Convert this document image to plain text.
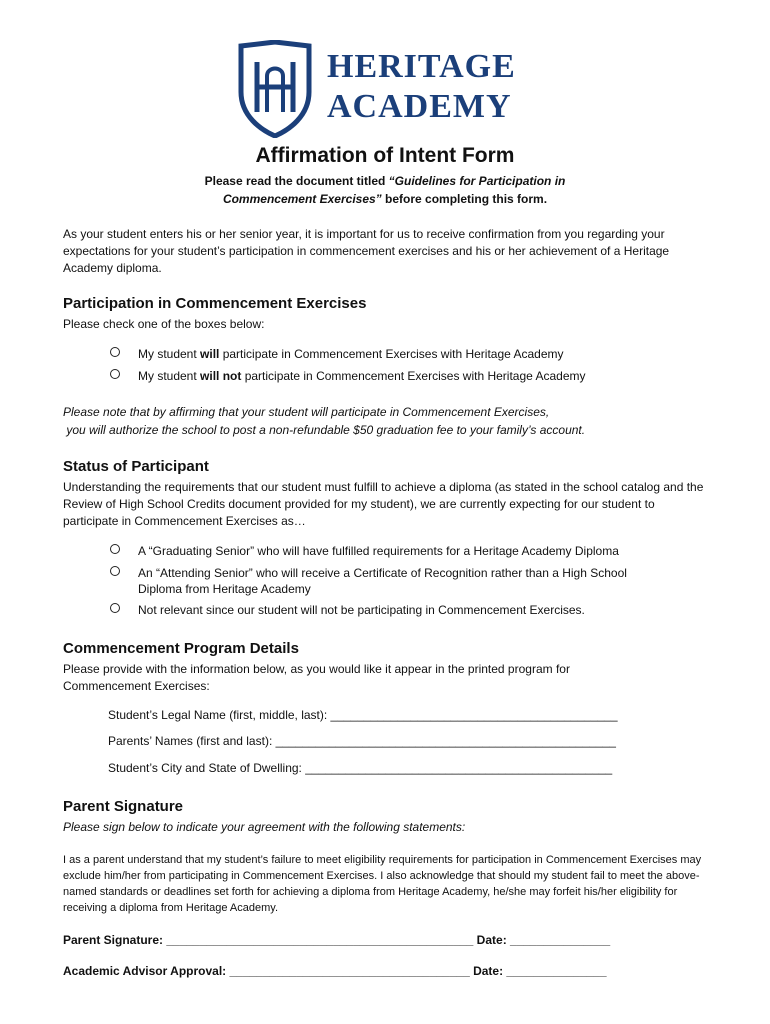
HERITAGE
ACADEMY
Affirmation of Intent Form
Please read the document titled “Guidelines for Participation in
Commencement Exercises” before completing this form.
As your student enters his or her senior year, it is important for us to receive confirmation from you regarding your expectations for your student’s participation in commencement exercises and his or her achievement of a Heritage Academy diploma.
Participation in Commencement Exercises
Please check one of the boxes below:
My student will participate in Commencement Exercises with Heritage Academy
My student will not participate in Commencement Exercises with Heritage Academy
Please note that by affirming that your student will participate in Commencement Exercises,
you will authorize the school to post a non-refundable $50 graduation fee to your family’s account.
Status of Participant
Understanding the requirements that our student must fulfill to achieve a diploma (as stated in the school catalog and the Review of High School Credits document provided for my student), we are currently expecting for our student to participate in Commencement Exercises as…
A “Graduating Senior” who will have fulfilled requirements for a Heritage Academy Diploma
An “Attending Senior” who will receive a Certificate of Recognition rather than a High School Diploma from Heritage Academy
Not relevant since our student will not be participating in Commencement Exercises.
Commencement Program Details
Please provide with the information below, as you would like it appear in the printed program for Commencement Exercises:
Student’s Legal Name (first, middle, last): ___________________________________________
Parents’ Names (first and last): ___________________________________________________
Student’s City and State of Dwelling: ______________________________________________
Parent Signature
Please sign below to indicate your agreement with the following statements:
I as a parent understand that my student’s failure to meet eligibility requirements for participation in Commencement Exercises may exclude him/her from participating in Commencement Exercises. I also acknowledge that should my student fail to meet the above-named standards or deadlines set forth for achieving a diploma from Heritage Academy, he/she may forfeit his/her eligibility for receiving a diploma from Heritage Academy.
Parent Signature: ______________________________________________ Date: _______________
Academic Advisor Approval: ____________________________________ Date: _______________
